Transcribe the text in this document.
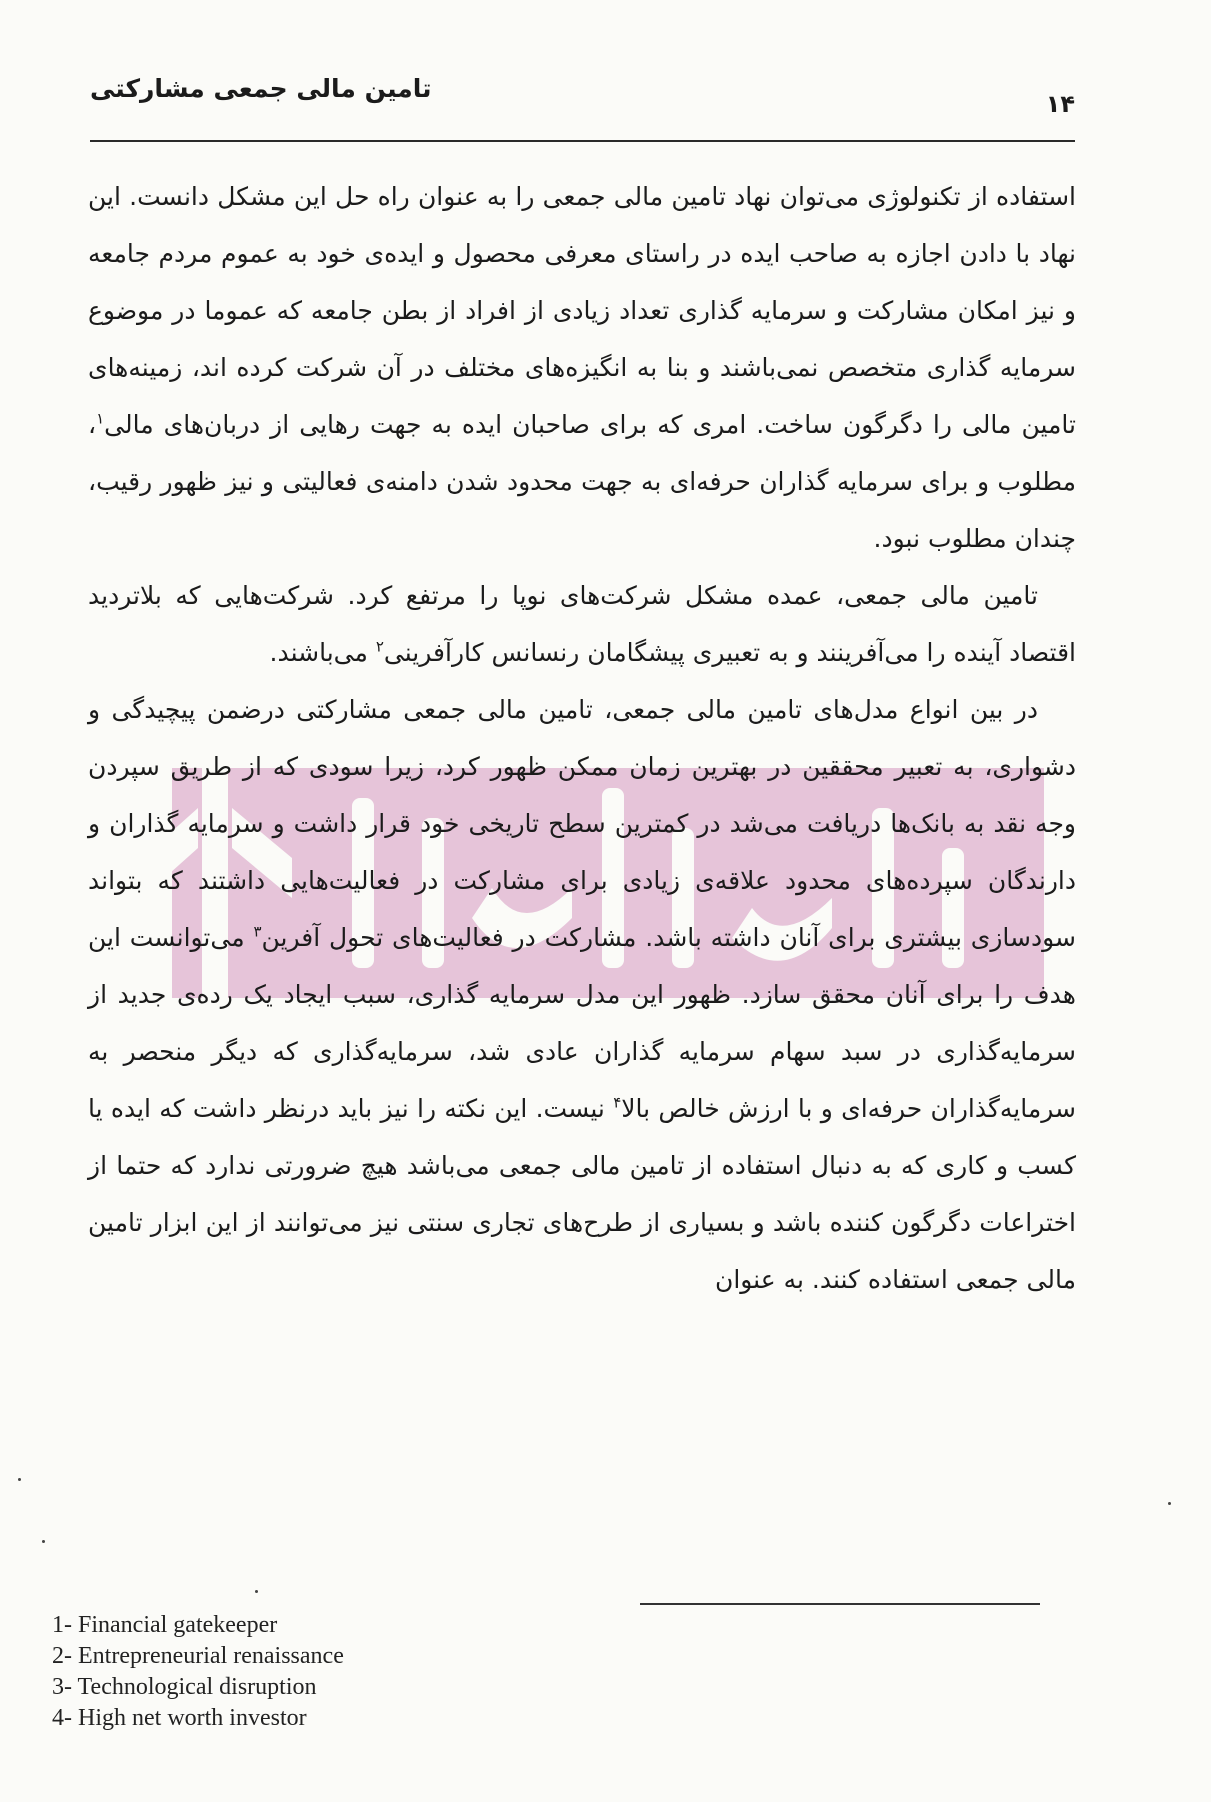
تامین مالی جمعی مشارکتی
۱۴

استفاده از تکنولوژی می‌توان نهاد تامین مالی جمعی را به عنوان راه حل این مشکل دانست. این نهاد با دادن اجازه به صاحب ایده در راستای معرفی محصول و ایده‌ی خود به عموم مردم جامعه و نیز امکان مشارکت و سرمایه گذاری تعداد زیادی از افراد از بطن جامعه که عموما در موضوع سرمایه گذاری متخصص نمی‌باشند و بنا به انگیزه‌های مختلف در آن شرکت کرده اند، زمینه‌های تامین مالی را دگرگون ساخت. امری که برای صاحبان ایده به جهت رهایی از دربان‌های مالی$^۱$، مطلوب و برای سرمایه گذاران حرفه‌ای به جهت محدود شدن دامنه‌ی فعالیتی و نیز ظهور رقیب، چندان مطلوب نبود.

تامین مالی جمعی، عمده مشکل شرکت‌های نوپا را مرتفع کرد. شرکت‌هایی که بلاتردید اقتصاد آینده را می‌آفرینند و به تعبیری پیشگامان رنسانس کارآفرینی$^۲$ می‌باشند.

در بین انواع مدل‌های تامین مالی جمعی، تامین مالی جمعی مشارکتی درضمن پیچیدگی و دشواری، به تعبیر محققین در بهترین زمان ممکن ظهور کرد، زیرا سودی که از طریق سپردن وجه نقد به بانک‌ها دریافت می‌شد در کمترین سطح تاریخی خود قرار داشت و سرمایه گذاران و دارندگان سپرده‌های محدود علاقه‌ی زیادی برای مشارکت در فعالیت‌هایی داشتند که بتواند سودسازی بیشتری برای آنان داشته باشد. مشارکت در فعالیت‌های تحول آفرین$^۳$ می‌توانست این هدف را برای آنان محقق سازد. ظهور این مدل سرمایه گذاری، سبب ایجاد یک رده‌ی جدید از سرمایه‌گذاری در سبد سهام سرمایه گذاران عادی شد، سرمایه‌گذاری که دیگر منحصر به سرمایه‌گذاران حرفه‌ای و با ارزش خالص بالا$^۴$ نیست. این نکته را نیز باید درنظر داشت که ایده یا کسب و کاری که به دنبال استفاده از تامین مالی جمعی می‌باشد هیچ ضرورتی ندارد که حتما از اختراعات دگرگون کننده باشد و بسیاری از طرح‌های تجاری سنتی نیز می‌توانند از این ابزار تامین مالی جمعی استفاده کنند. به عنوان

1- Financial gatekeeper
2- Entrepreneurial renaissance
3- Technological disruption
4- High net worth investor
